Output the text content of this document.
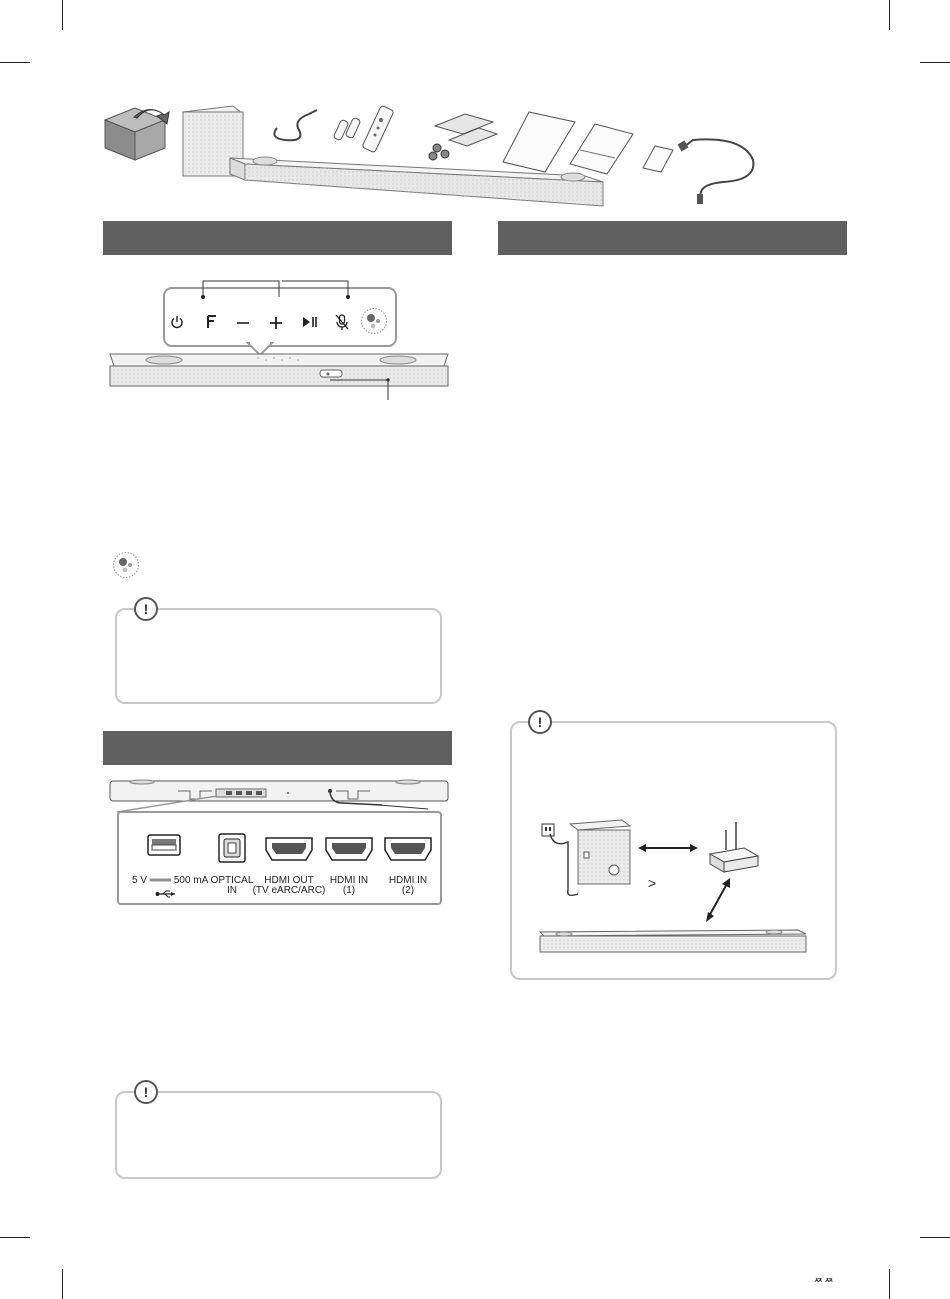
!
!
!
5 V ═══ 500 mA OPTICAL
IN
HDMI OUT
(TV eARC/ARC)
HDMI IN
(1)
HDMI IN
(2)	>
ᄶᄶ
